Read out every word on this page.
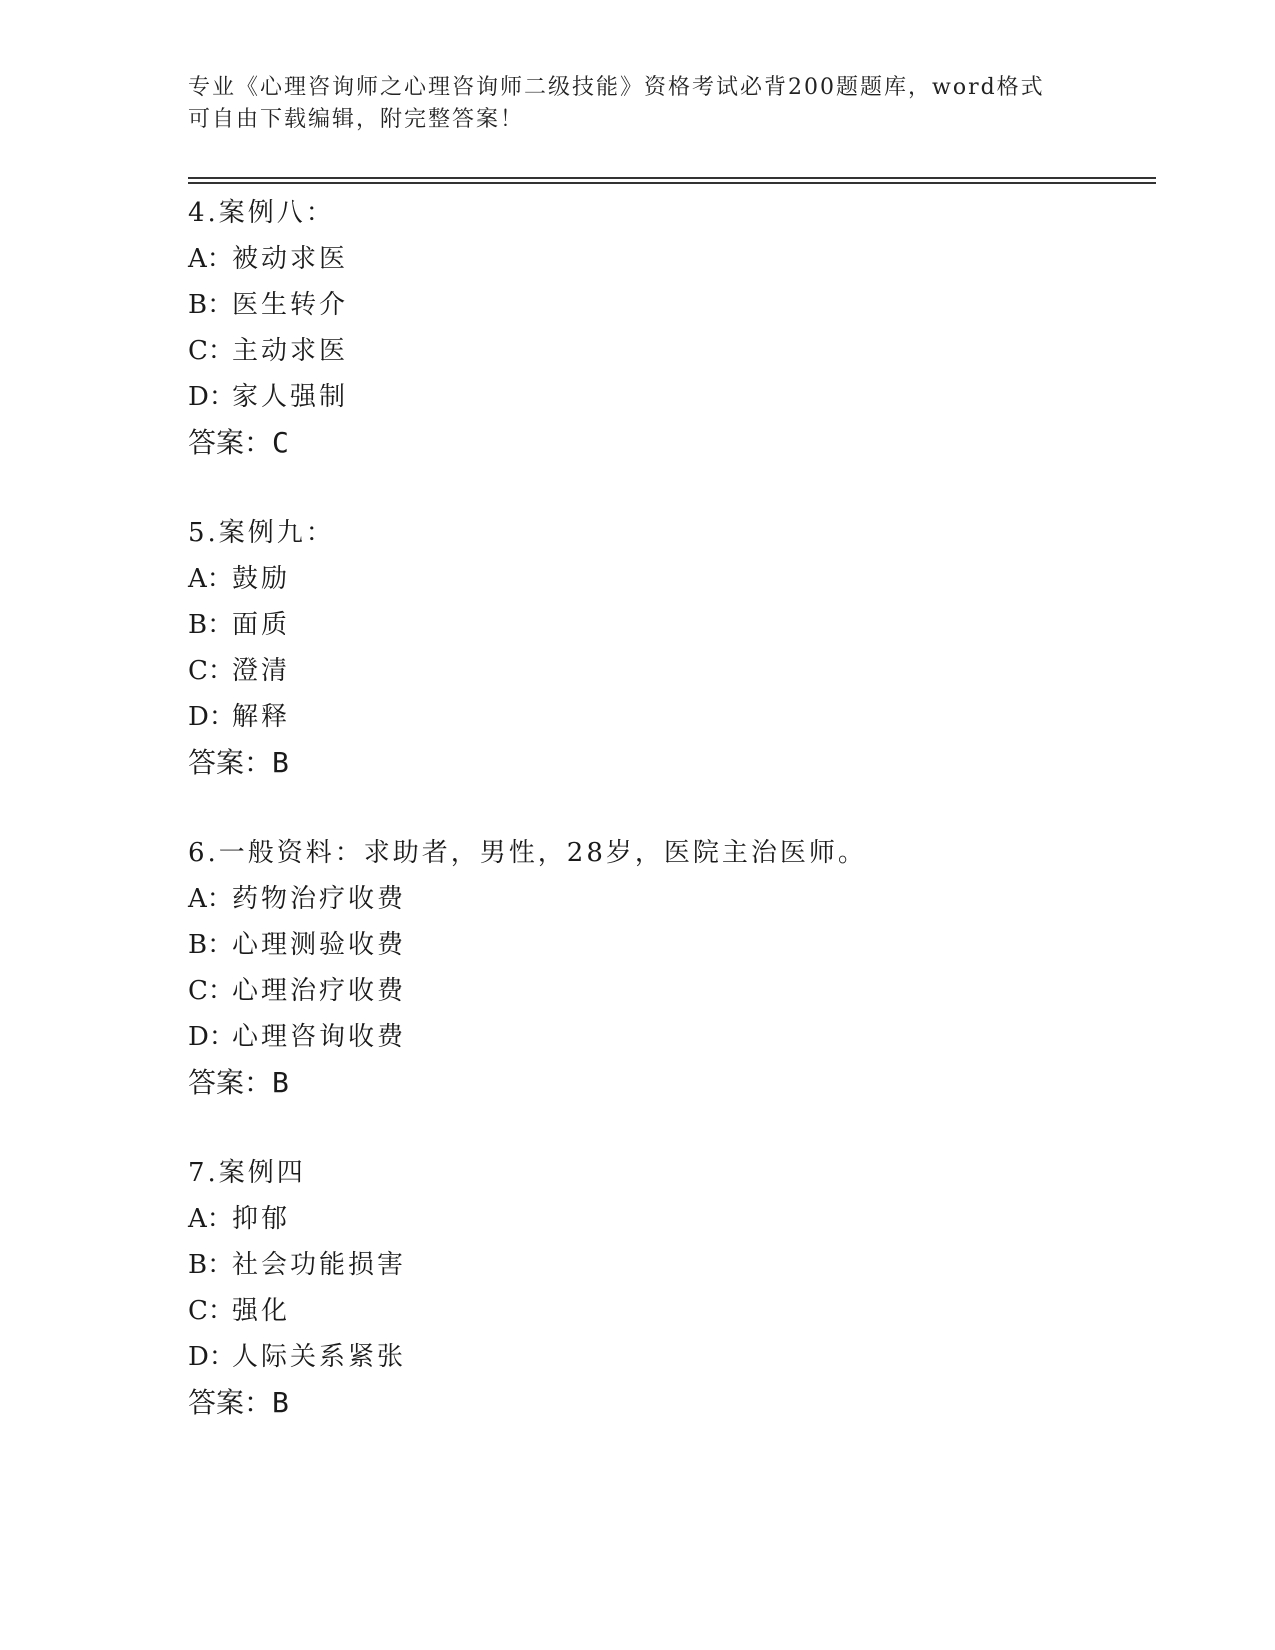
专业《心理咨询师之心理咨询师二级技能》资格考试必背200题题库，word格式
可自由下载编辑，附完整答案！
4.案例八：
A：被动求医
B：医生转介
C：主动求医
D：家人强制
答案：C
5.案例九：
A：鼓励
B：面质
C：澄清
D：解释
答案：B
6.一般资料：求助者，男性，28岁，医院主治医师。
A：药物治疗收费
B：心理测验收费
C：心理治疗收费
D：心理咨询收费
答案：B
7.案例四
A：抑郁
B：社会功能损害
C：强化
D：人际关系紧张
答案：B
